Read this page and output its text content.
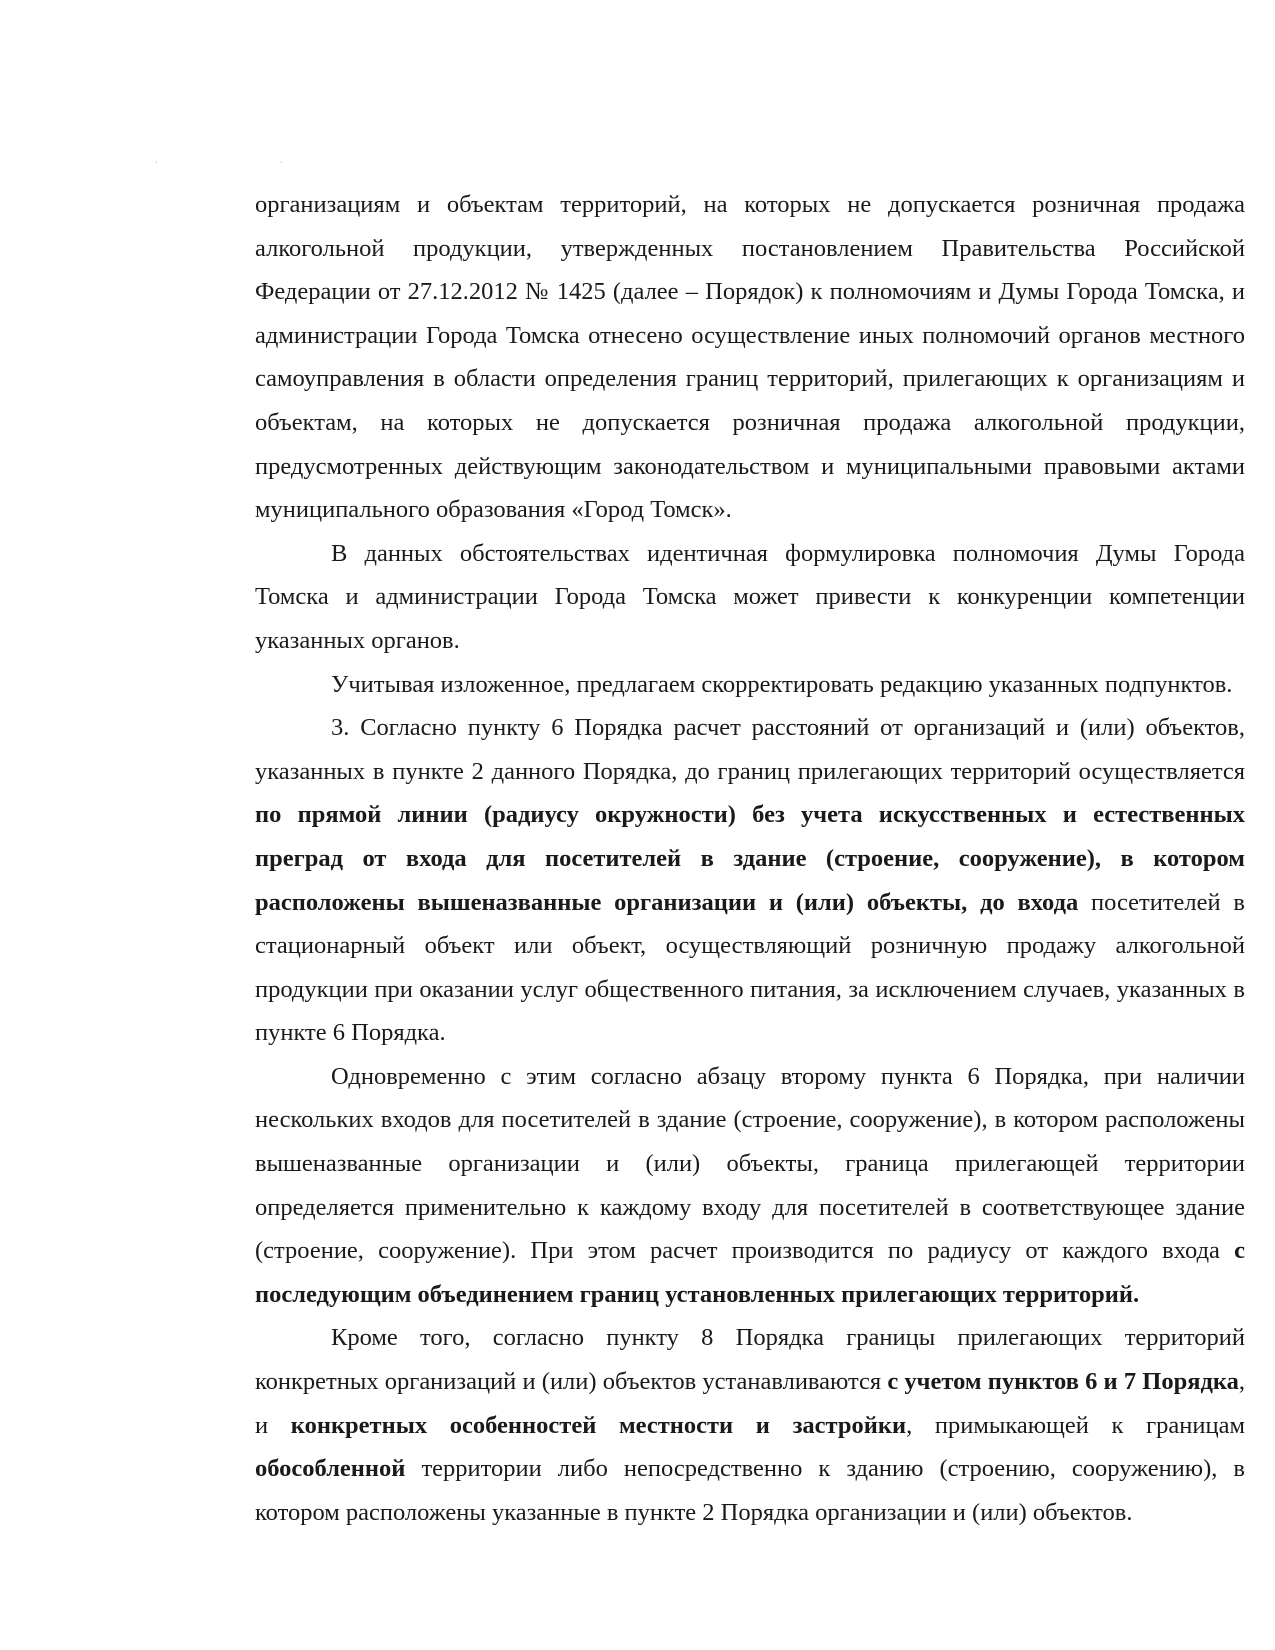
· ·

организациям и объектам территорий, на которых не допускается розничная продажа алкогольной продукции, утвержденных постановлением Правительства Российской Федерации от 27.12.2012 № 1425 (далее – Порядок) к полномочиям и Думы Города Томска, и администрации Города Томска отнесено осуществление иных полномочий органов местного самоуправления в области определения границ территорий, прилегающих к организациям и объектам, на которых не допускается розничная продажа алкогольной продукции, предусмотренных действующим законодательством и муниципальными правовыми актами муниципального образования «Город Томск».

В данных обстоятельствах идентичная формулировка полномочия Думы Города Томска и администрации Города Томска может привести к конкуренции компетенции указанных органов.

Учитывая изложенное, предлагаем скорректировать редакцию указанных подпунктов.

3. Согласно пункту 6 Порядка расчет расстояний от организаций и (или) объектов, указанных в пункте 2 данного Порядка, до границ прилегающих территорий осуществляется по прямой линии (радиусу окружности) без учета искусственных и естественных преград от входа для посетителей в здание (строение, сооружение), в котором расположены вышеназванные организации и (или) объекты, до входа посетителей в стационарный объект или объект, осуществляющий розничную продажу алкогольной продукции при оказании услуг общественного питания, за исключением случаев, указанных в пункте 6 Порядка.

Одновременно с этим согласно абзацу второму пункта 6 Порядка, при наличии нескольких входов для посетителей в здание (строение, сооружение), в котором расположены вышеназванные организации и (или) объекты, граница прилегающей территории определяется применительно к каждому входу для посетителей в соответствующее здание (строение, сооружение). При этом расчет производится по радиусу от каждого входа с последующим объединением границ установленных прилегающих территорий.

Кроме того, согласно пункту 8 Порядка границы прилегающих территорий конкретных организаций и (или) объектов устанавливаются с учетом пунктов 6 и 7 Порядка, и конкретных особенностей местности и застройки, примыкающей к границам обособленной территории либо непосредственно к зданию (строению, сооружению), в котором расположены указанные в пункте 2 Порядка организации и (или) объектов.
